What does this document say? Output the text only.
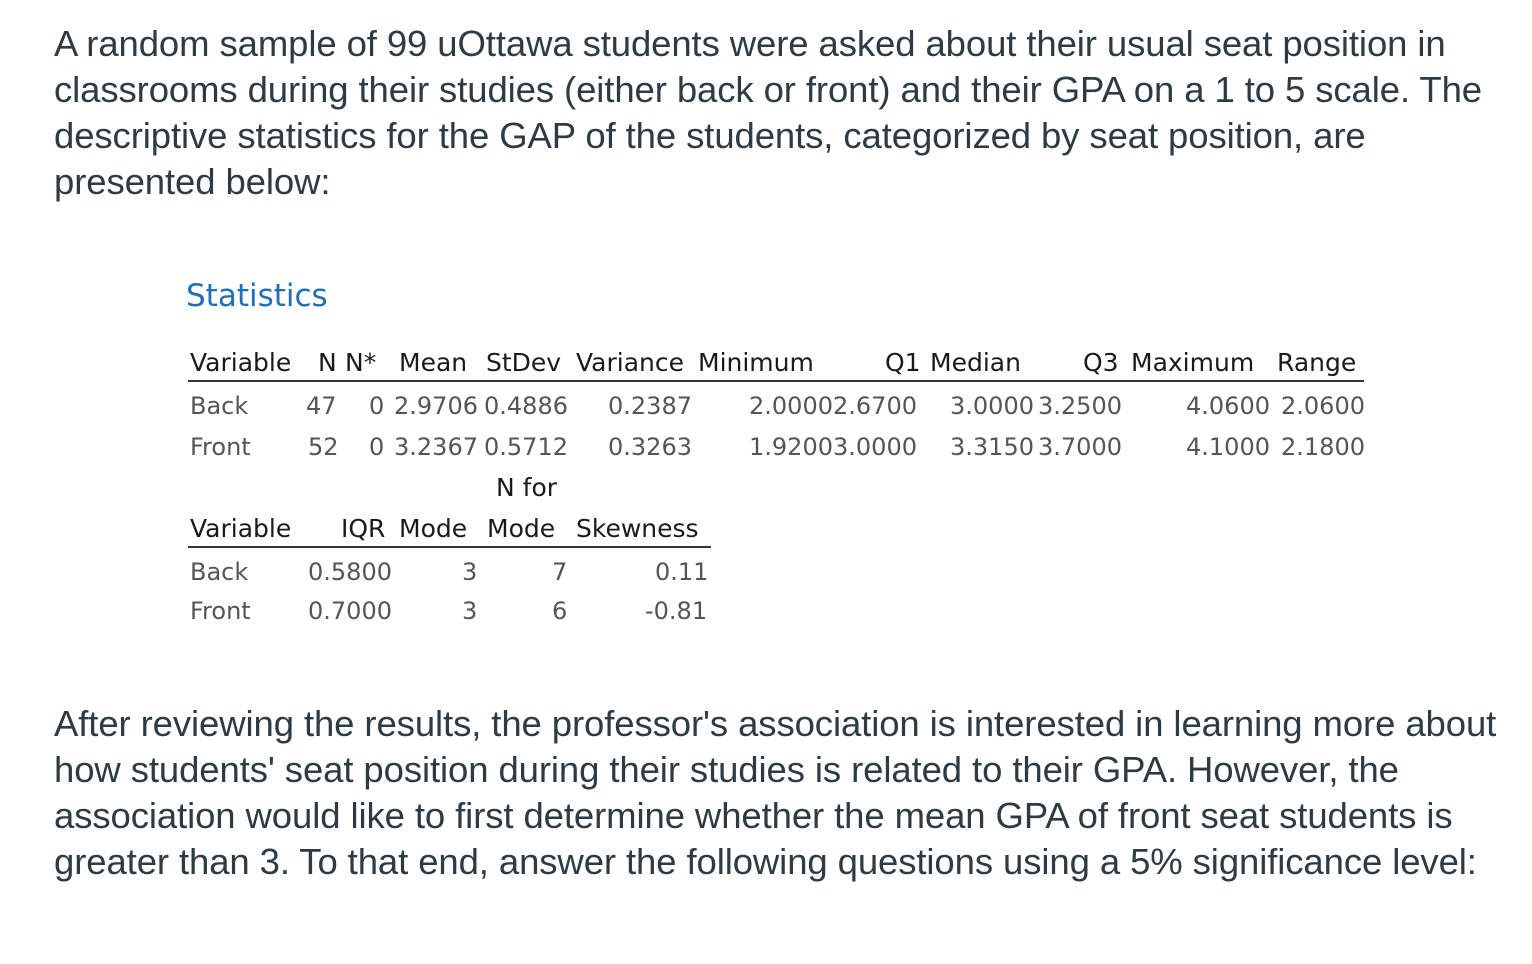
A random sample of 99 uOttawa students were asked about their usual seat position in classrooms during their studies (either back or front) and their GPA on a 1 to 5 scale. The descriptive statistics for the GAP of the students, categorized by seat position, are presented below:

Statistics
Variable N N* Mean StDev Variance Minimum	Q1 Median Q3 Maximum Range
Back 47 0 2.9706 0.4886 0.2387 2.0000 2.6700 3.0000 3.2500	4.0600 2.0600
Front 52 0 3.2367 0.5712 0.3263 1.9200 3.0000 3.3150 3.7000	4.1000 2.1800
N for
Variable IQR Mode Mode Skewness
Back 0.5800	3	7	0.11
Front 0.7000	3	6	-0.81

After reviewing the results, the professor's association is interested in learning more about how students' seat position during their studies is related to their GPA. However, the association would like to first determine whether the mean GPA of front seat students is greater than 3. To that end, answer the following questions using a 5% significance level:
